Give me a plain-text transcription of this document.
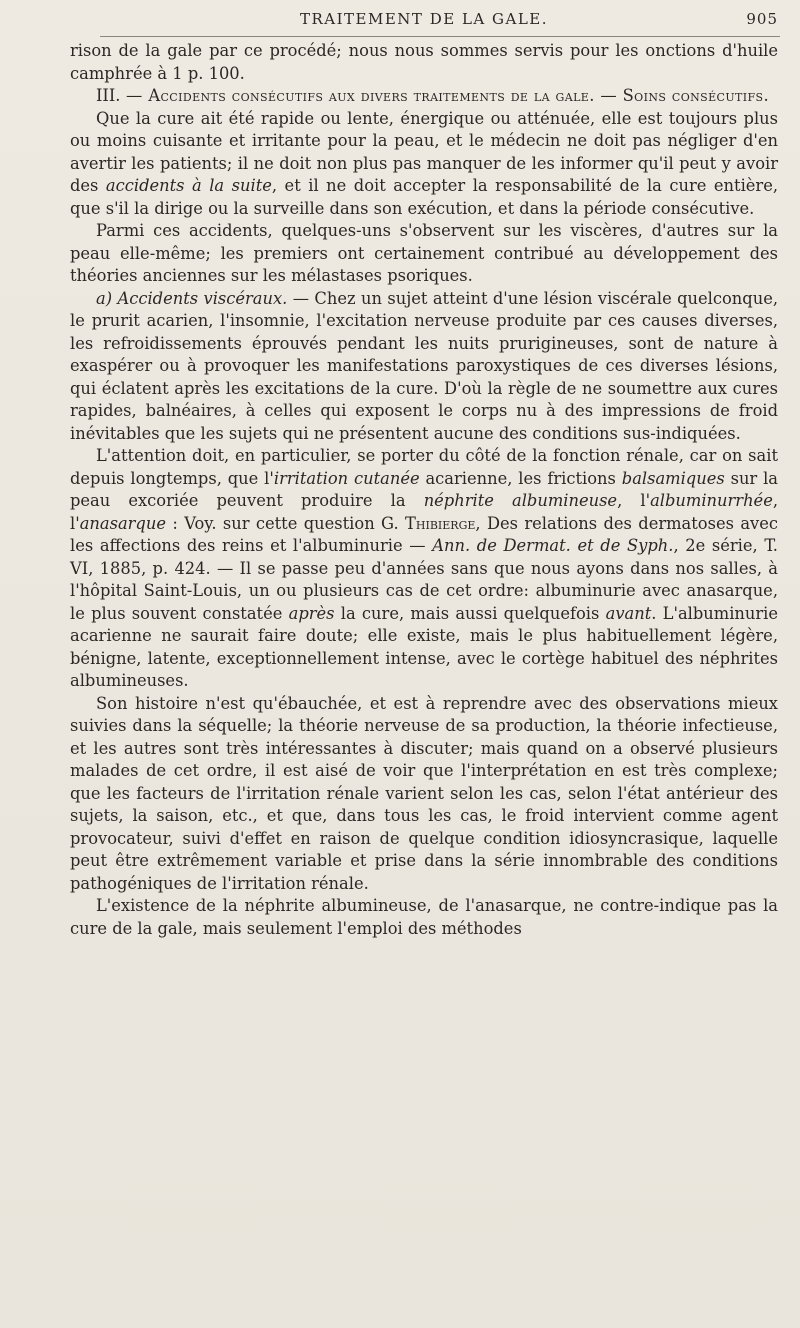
TRAITEMENT DE LA GALE.	905

rison de la gale par ce procédé; nous nous sommes servis pour les onctions d'huile camphrée à 1 p. 100.

III. — Accidents consécutifs aux divers traitements de la gale. — Soins consécutifs.

Que la cure ait été rapide ou lente, énergique ou atténuée, elle est toujours plus ou moins cuisante et irritante pour la peau, et le médecin ne doit pas négliger d'en avertir les patients; il ne doit non plus pas manquer de les informer qu'il peut y avoir des accidents à la suite, et il ne doit accepter la responsabilité de la cure entière, que s'il la dirige ou la surveille dans son exécution, et dans la période consécutive.

Parmi ces accidents, quelques-uns s'observent sur les viscères, d'autres sur la peau elle-même; les premiers ont certainement contribué au développement des théories anciennes sur les mélastases psoriques.

a) Accidents viscéraux. — Chez un sujet atteint d'une lésion viscérale quelconque, le prurit acarien, l'insomnie, l'excitation nerveuse produite par ces causes diverses, les refroidissements éprouvés pendant les nuits prurigineuses, sont de nature à exaspérer ou à provoquer les manifestations paroxystiques de ces diverses lésions, qui éclatent après les excitations de la cure. D'où la règle de ne soumettre aux cures rapides, balnéaires, à celles qui exposent le corps nu à des impressions de froid inévitables que les sujets qui ne présentent aucune des conditions sus-indiquées.

L'attention doit, en particulier, se porter du côté de la fonction rénale, car on sait depuis longtemps, que l'irritation cutanée acarienne, les frictions balsamiques sur la peau excoriée peuvent produire la néphrite albumineuse, l'albuminurrhée, l'anasarque : Voy. sur cette question G. Thibierge, Des relations des dermatoses avec les affections des reins et l'albuminurie — Ann. de Dermat. et de Syph., 2e série, T. VI, 1885, p. 424. — Il se passe peu d'années sans que nous ayons dans nos salles, à l'hôpital Saint-Louis, un ou plusieurs cas de cet ordre: albuminurie avec anasarque, le plus souvent constatée après la cure, mais aussi quelquefois avant. L'albuminurie acarienne ne saurait faire doute; elle existe, mais le plus habituellement légère, bénigne, latente, exceptionnellement intense, avec le cortège habituel des néphrites albumineuses.

Son histoire n'est qu'ébauchée, et est à reprendre avec des observations mieux suivies dans la séquelle; la théorie nerveuse de sa production, la théorie infectieuse, et les autres sont très intéressantes à discuter; mais quand on a observé plusieurs malades de cet ordre, il est aisé de voir que l'interprétation en est très complexe; que les facteurs de l'irritation rénale varient selon les cas, selon l'état antérieur des sujets, la saison, etc., et que, dans tous les cas, le froid intervient comme agent provocateur, suivi d'effet en raison de quelque condition idiosyncrasique, laquelle peut être extrêmement variable et prise dans la série innombrable des conditions pathogéniques de l'irritation rénale.

L'existence de la néphrite albumineuse, de l'anasarque, ne contre-indique pas la cure de la gale, mais seulement l'emploi des méthodes
